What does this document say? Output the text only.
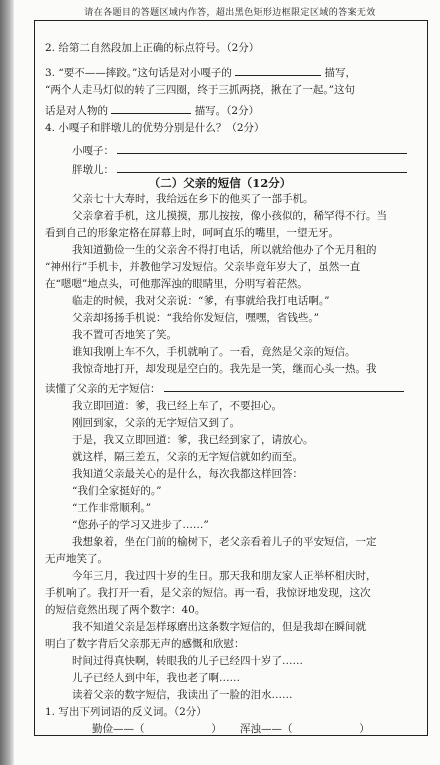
请在各题目的答题区域内作答，超出黑色矩形边框限定区域的答案无效
2. 给第二自然段加上正确的标点符号。（2分）
3. “要不——摔跤。”这句话是对小嘎子的	描写，
“两个人走马灯似的转了三四圈，终于三抓两挠，揪在了一起。”这句
话是对人物的	描写。（2分）
4. 小嘎子和胖墩儿的优势分别是什么？（2分）
小嘎子：
胖墩儿：
（二）父亲的短信（12分）
父亲七十大寿时，我给远在乡下的他买了一部手机。
父亲拿着手机，这儿摸摸，那儿按按，像小孩似的，稀罕得不行。当
看到自己的形象定格在屏幕上时，呵呵直乐的嘴里，一望无牙。
我知道勤俭一生的父亲舍不得打电话，所以就给他办了个无月租的
“神州行”手机卡，并教他学习发短信。父亲毕竟年岁大了，虽然一直
在“嗯嗯”地点头，可他那浑浊的眼睛里，分明写着茫然。
临走的时候，我对父亲说：“爹，有事就给我打电话啊。”
父亲却扬扬手机说：“我给你发短信，嘿嘿，省钱些。”
我不置可否地笑了笑。
谁知我刚上车不久，手机就响了。一看，竟然是父亲的短信。
我惊奇地打开，却发现是空白的。我先是一笑，继而心头一热。我
读懂了父亲的无字短信：
我立即回道：爹，我已经上车了，不要担心。
刚回到家，父亲的无字短信又到了。
于是，我又立即回道：爹，我已经到家了，请放心。
就这样，隔三差五，父亲的无字短信就如约而至。
我知道父亲最关心的是什么，每次我都这样回答：
“我们全家挺好的。”
“工作非常顺利。”
“您孙子的学习又进步了……”
我想象着，坐在门前的榆树下，老父亲看着儿子的平安短信，一定
无声地笑了。
今年三月，我过四十岁的生日。那天我和朋友家人正举杯相庆时，
手机响了。我打开一看，是父亲的短信。再一看，我惊讶地发现，这次
的短信竟然出现了两个数字：40。
我不知道父亲是怎样琢磨出这条数字短信的，但是我却在瞬间就
明白了数字背后父亲那无声的感慨和欣慰：
时间过得真快啊，转眼我的儿子已经四十岁了……
儿子已经人到中年，我也老了啊……
读着父亲的数字短信，我读出了一脸的泪水……
1. 写出下列词语的反义词。（2分）
勤俭——（	） 浑浊——（	）
